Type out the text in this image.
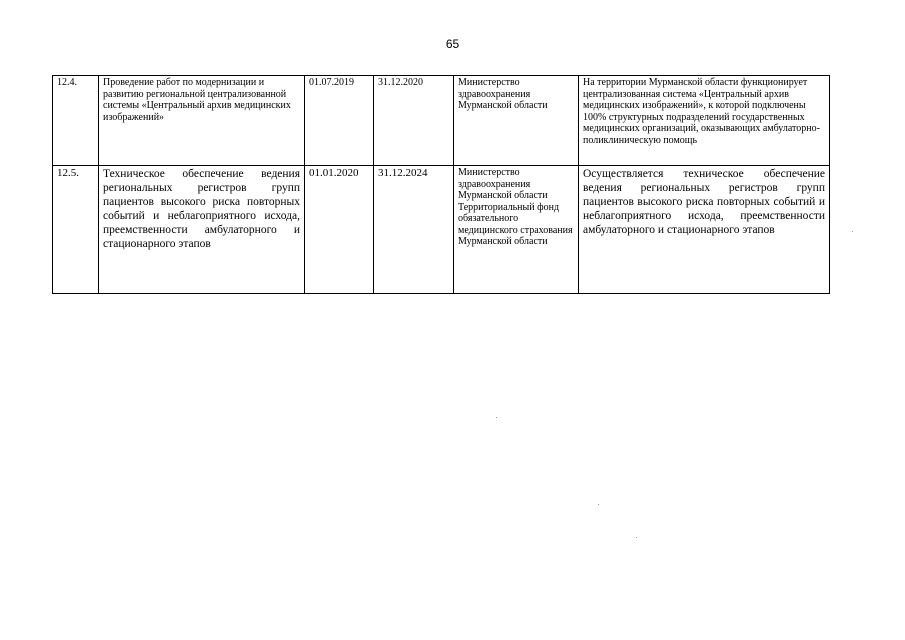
65
12.4.	Проведение работ по модернизации и развитию региональной централизованной системы «Центральный архив медицинских изображений»	01.07.2019	31.12.2020	Министерство здравоохранения Мурманской области	На территории Мурманской области функционирует централизованная система «Центральный архив медицинских изображений», к которой подключены 100% структурных подразделений государственных медицинских организаций, оказывающих амбулаторно-поликлиническую помощь
12.5.	Техническое обеспечение ведения региональных регистров групп пациентов высокого риска повторных событий и неблагоприятного исхода, преемственности амбулаторного и стационарного этапов	01.01.2020	31.12.2024	Министерство здравоохранения Мурманской области Территориальный фонд обязательного медицинского страхования Мурманской области	Осуществляется техническое обеспечение ведения региональных регистров групп пациентов высокого риска повторных событий и неблагоприятного исхода, преемственности амбулаторного и стационарного этапов
